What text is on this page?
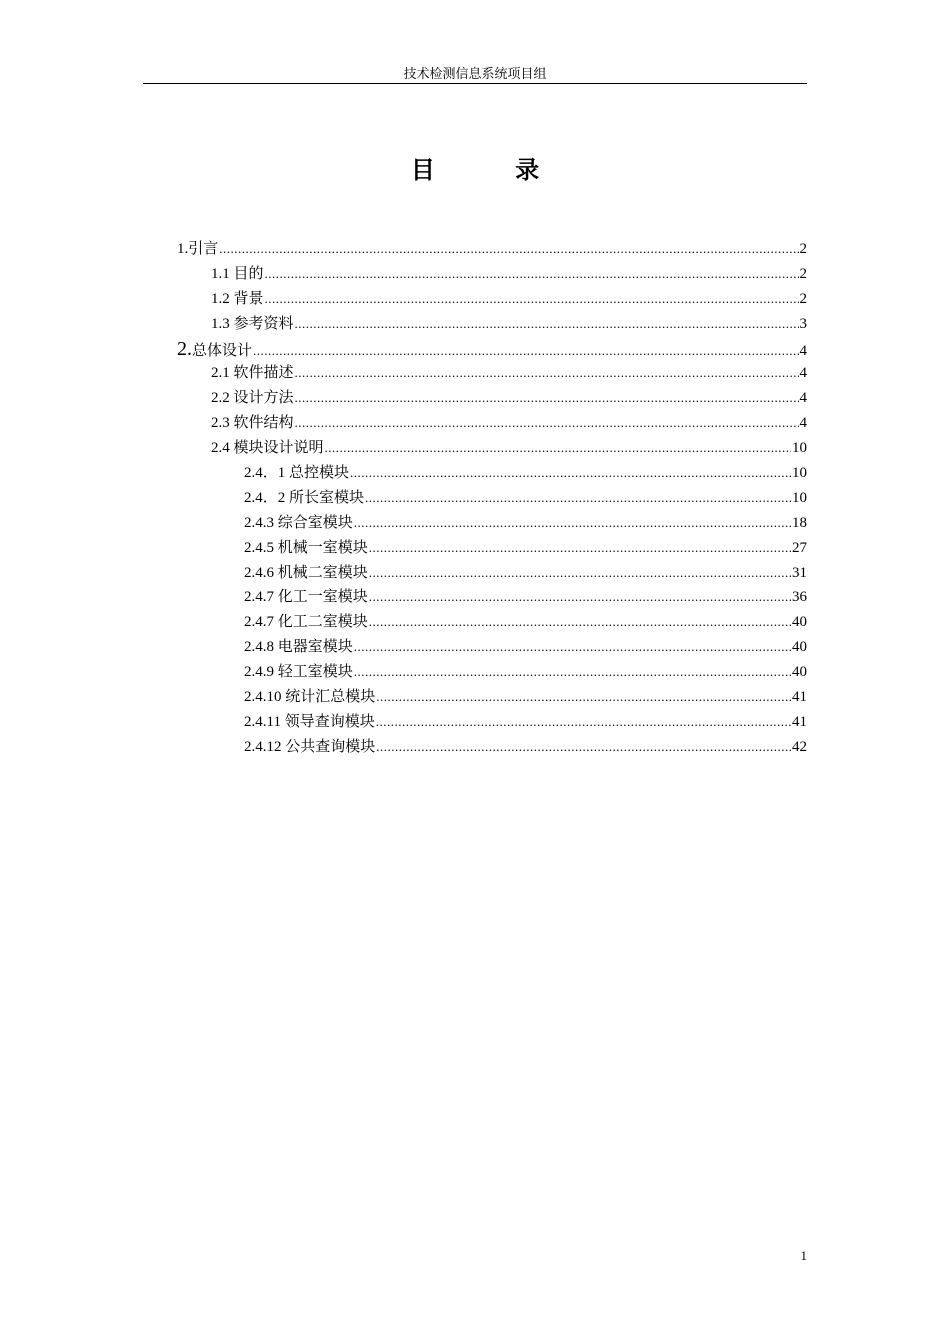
技术检测信息系统项目组
目 录
1.引言 .....	2
1.1 目的 .....	2
1.2 背景 .....	2
1.3 参考资料 .....	3
2.总体设计 .....	4
2.1 软件描述 .....	4
2.2 设计方法 .....	4
2.3 软件结构 .....	4
2.4 模块设计说明 .....	10
2.4．1 总控模块 .....	10
2.4．2 所长室模块 .....	10
2.4.3 综合室模块 .....	18
2.4.5 机械一室模块 .....	27
2.4.6 机械二室模块 .....	31
2.4.7 化工一室模块 .....	36
2.4.7 化工二室模块 .....	40
2.4.8 电器室模块 .....	40
2.4.9 轻工室模块 .....	40
2.4.10 统计汇总模块 .....	41
2.4.11 领导查询模块 .....	41
2.4.12 公共查询模块 .....	42
1
